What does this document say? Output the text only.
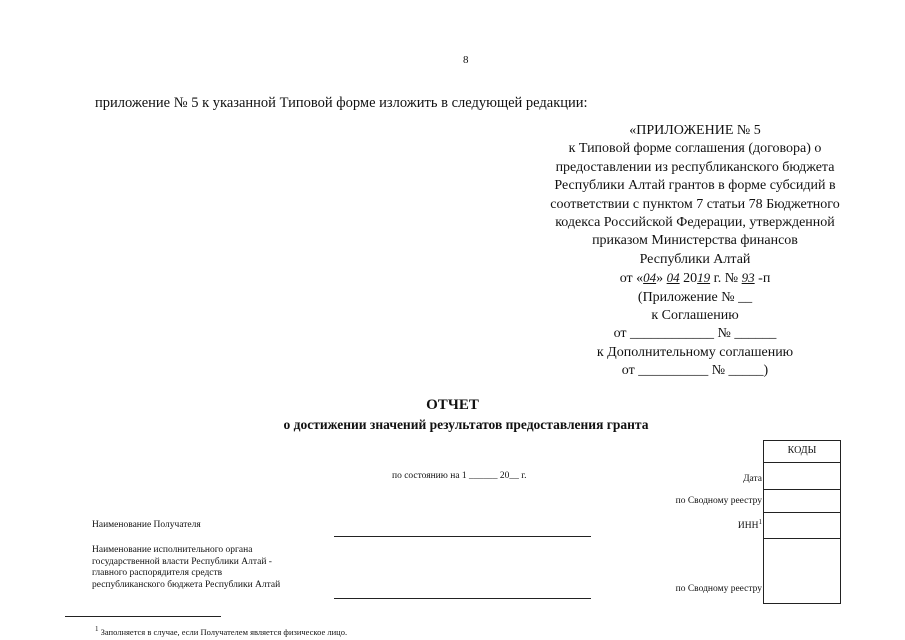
8
приложение № 5 к указанной Типовой форме изложить в следующей редакции:
«ПРИЛОЖЕНИЕ № 5
к Типовой форме соглашения (договора) о
предоставлении из республиканского бюджета
Республики Алтай грантов в форме субсидий в
соответствии с пунктом 7 статьи 78 Бюджетного
кодекса Российской Федерации, утвержденной
приказом Министерства финансов
Республики Алтай
от «04» 04 2019 г. № 93 -п
(Приложение № __
к Соглашению
от ____________ № ______
к Дополнительному соглашению
от __________ № _____)
ОТЧЕТ
о достижении значений результатов предоставления гранта
по состоянию на 1 ______ 20__ г.	Дата
по Сводному реестру
ИНН$^1$
по Сводному реестру
КОДЫ
Наименование Получателя
Наименование исполнительного органа
государственной власти Республики Алтай -
главного распорядителя средств
республиканского бюджета Республики Алтай
$^1$ Заполняется в случае, если Получателем является физическое лицо.
